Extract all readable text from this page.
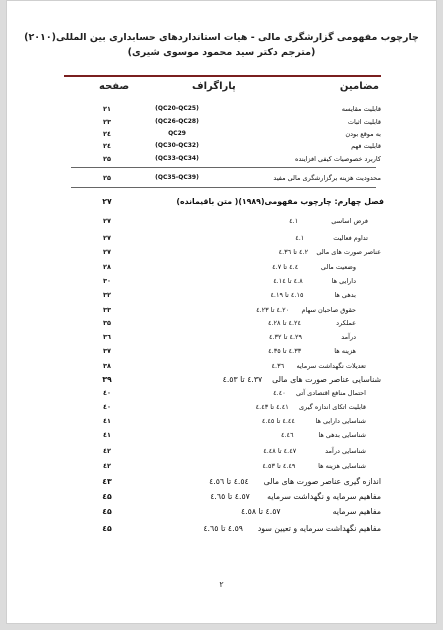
چارچوب مفهومی گزارشگری مالی - هیات استانداردهای حسابداری بین المللی(۲۰۱۰)
(مترجم دکتر سید محمود موسوی شیری)
مضامین
پاراگراف
صفحه
قابلیت مقایسه
(QC20-QC25)
۲۱
قابلیت اثبات
(QC26-QC28)
۲۳
به موقع بودن
QC29
۲٤
قابلیت فهم
(QC30-QC32)
۲٤
کاربرد خصوصیات کیفی افزاینده
(QC33-QC34)
۲۵
محدودیت هزینه برگزارشگری مالی مفید
(QC35-QC39)
۲۵
فصل چهارم: چارچوب مفهومی(۱۹۸۹)( متن باقیمانده)
۲۷
فرض اساسی                ٤.١
۲۷
تداوم فعالیت              ٤.١
۲۷
عناصر صورت های مالی    ٤.٢ تا ٤.٣٦
۲۷
وضعیت مالی           ٤.٤ تا ٤.٧
۲۸
دارایی ها              ٤.٨ تا ٤.١٤
۳۰
بدهی ها               ٤.١٥ تا ٤.١٩
۳۲
حقوق صاحبان سهام      ٤.٢٠ تا ٤.٢٣
۳۳
عملکرد                 ٤.٢٤ تا ٤.٢٨
۳۵
درآمد                   ٤.٢٩ تا ٤.٣٢
۳٦
هزینه ها                ٤.٣٣ تا ٤.٣٥
۳۷
تعدیلات نگهداشت سرمایه      ٤.٣٦
۳۸
شناسایی عناصر صورت های مالی    ٤.٣٧ تا ٤.٥٣
۳۹
احتمال منافع اقتصادی آتی     ٤.٤٠
٤٠
قابلیت اتکای اندازه گیری     ٤.٤١ تا ٤.٤٣
٤٠
شناسایی دارایی ها          ٤.٤٤ تا ٤.٤٥
٤١
شناسایی بدهی ها            ٤.٤٦
٤١
شناسایی درآمد              ٤.٤٧ تا ٤.٤٨
٤۲
شناسایی هزینه ها           ٤.٤٩ تا ٤.٥٣
٤۲
اندازه گیری عناصر صورت های مالی      ٤.٥٤ تا ٤.٥٦
٤۳
مفاهیم سرمایه و نگهداشت سرمایه       ٤.٥٧ تا ٤.٦٥
٤۵
مفاهیم سرمایه                     ٤.٥٧ تا ٤.٥٨
٤۵
مفاهیم نگهداشت سرمایه و تعیین سود      ٤.٥٩ تا ٤.٦٥
٤۵
۲
